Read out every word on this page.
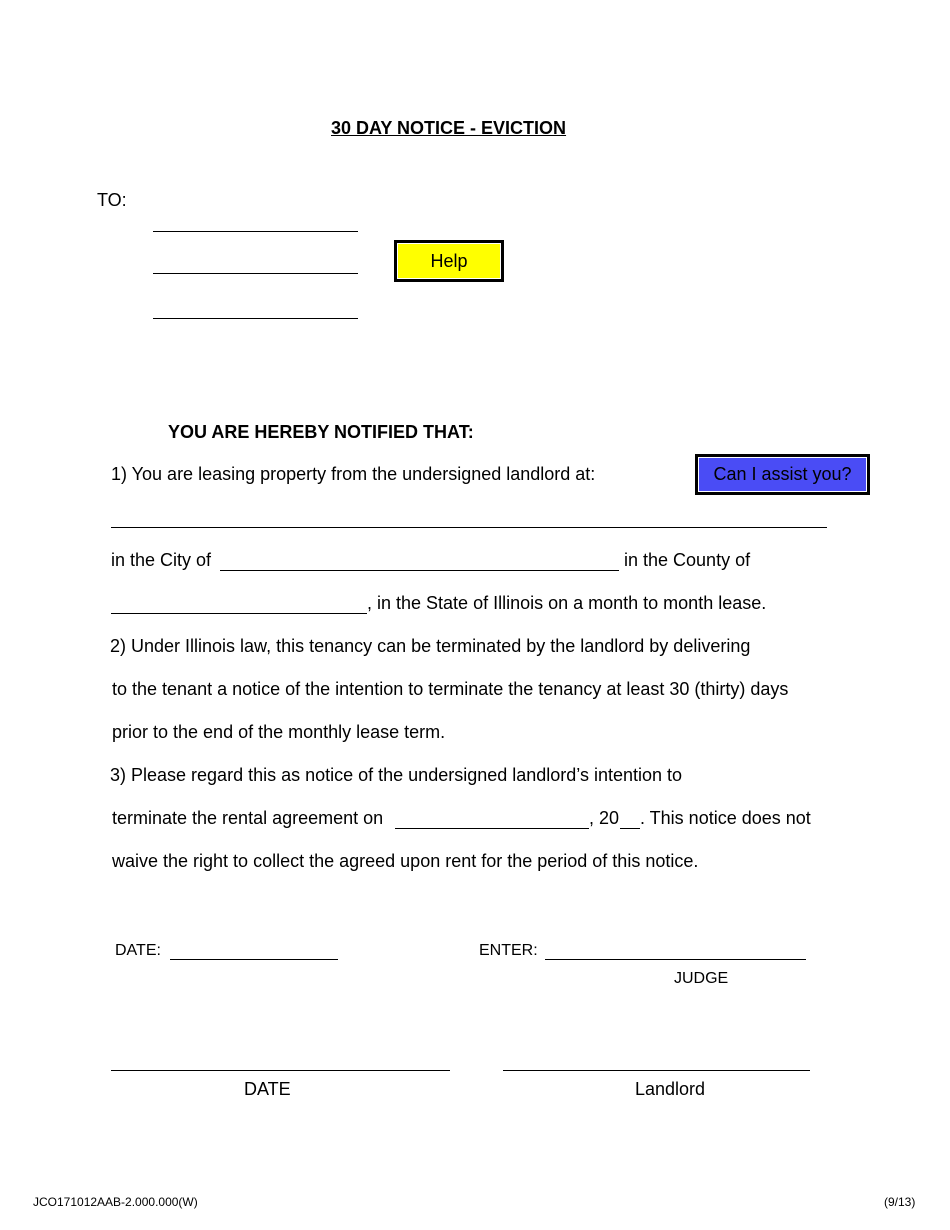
30 DAY NOTICE - EVICTION
TO:
Help
YOU ARE HEREBY NOTIFIED THAT:
1) You are leasing property from the undersigned landlord at:	Can I assist you?
in the City of	in the County of
, in the State of Illinois on a month to month lease.
2) Under Illinois law, this tenancy can be terminated by the landlord by delivering
to the tenant a notice of the intention to terminate the tenancy at least 30 (thirty) days
prior to the end of the monthly lease term.
3) Please regard this as notice of the undersigned landlord’s intention to
terminate the rental agreement on	, 20 . This notice does not
waive the right to collect the agreed upon rent for the period of this notice.
DATE:	ENTER:
JUDGE
DATE	Landlord
JCO171012AAB-2.000.000(W)	(9/13)
